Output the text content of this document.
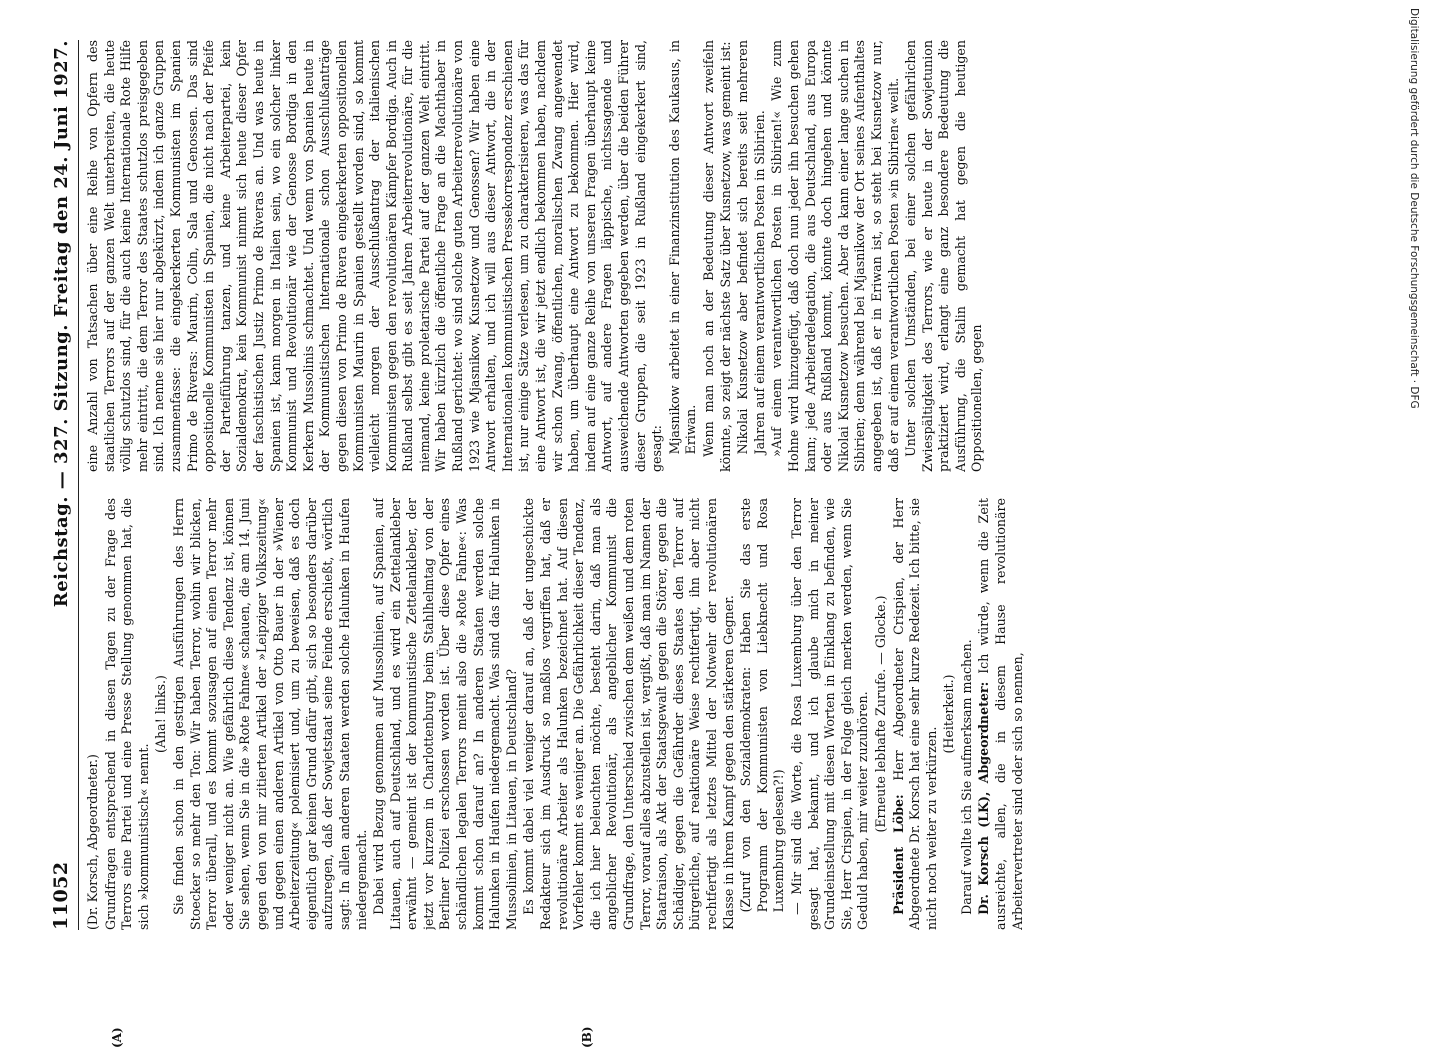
Digitalisierung gefördert durch die Deutsche Forschungsgemeinschaft · DFG
11052
Reichstag. — 327. Sitzung. Freitag den 24. Juni 1927.
(A)	(B)

(Dr. Korsch, Abgeordneter.) Grundfragen entsprechend in diesen Tagen zu der Frage des Terrors eine Partei und eine Presse Stellung genommen hat, die sich »kommunistisch« nennt.

(Aha! links.) Sie finden schon in den gestrigen Ausführungen des Herrn Stoecker so mehr den Ton: Wir haben Terror, wohin wir blicken, Terror überall, und es kommt sozusagen auf einen Terror mehr oder weniger nicht an. Wie gefährlich diese Tendenz ist, können Sie sehen, wenn Sie in die »Rote Fahne« schauen, die am 14. Juni gegen den von mir zitierten Artikel der »Leipziger Volkszeitung« und gegen einen anderen Artikel von Otto Bauer in der »Wiener Arbeiterzeitung« polemisiert und, um zu beweisen, daß es doch eigentlich gar keinen Grund dafür gibt, sich so besonders darüber aufzuregen, daß der Sowjetstaat seine Feinde erschießt, wörtlich sagt: In allen anderen Staaten werden solche Halunken in Haufen niedergemacht. Dabei wird Bezug genommen auf Mussolinien, auf Spanien, auf Litauen, auch auf Deutschland, und es wird ein Zettelankleber erwähnt — gemeint ist der kommunistische Zettelankleber, der jetzt vor kurzem in Charlottenburg beim Stahlhelmtag von der Berliner Polizei erschossen worden ist. Über diese Opfer eines schändlichen legalen Terrors meint also die »Rote Fahne«: Was kommt schon darauf an? In anderen Staaten werden solche Halunken in Haufen niedergemacht. Was sind das für Halunken in Mussolinien, in Litauen, in Deutschland? Es kommt dabei viel weniger darauf an, daß der ungeschickte Redakteur sich im Ausdruck so maßlos vergriffen hat, daß er revolutionäre Arbeiter als Halunken bezeichnet hat. Auf diesen Vorfehler kommt es weniger an. Die Gefährlichkeit dieser Tendenz, die ich hier beleuchten möchte, besteht darin, daß man als angeblicher Revolutionär, als angeblicher Kommunist die Grundfrage, den Unterschied zwischen dem weißen und dem roten Terror, vorauf alles abzustellen ist, vergißt, daß man im Namen der Staatraison, als Akt der Staatsgewalt gegen die Störer, gegen die Schädiger, gegen die Gefährder dieses Staates den Terror auf bürgerliche, auf reaktionäre Weise rechtfertigt, ihn aber nicht rechtfertigt als letztes Mittel der Notwehr der revolutionären Klasse in ihrem Kampf gegen den stärkeren Gegner. (Zuruf von den Sozialdemokraten: Haben Sie das erste Programm der Kommunisten von Liebknecht und Rosa Luxemburg gelesen?!) — Mir sind die Worte, die Rosa Luxemburg über den Terror gesagt hat, bekannt, und ich glaube mich in meiner Grundeinstellung mit diesen Worten in Einklang zu befinden, wie Sie, Herr Crispien, in der Folge gleich merken werden, wenn Sie Geduld haben, mir weiter zuzuhören. (Erneute lebhafte Zurufe. — Glocke.)

Präsident Löbe: Herr Abgeordneter Crispien, der Herr Abgeordnete Dr. Korsch hat eine sehr kurze Redezeit. Ich bitte, sie nicht noch weiter zu verkürzen.

(Heiterkeit.) Darauf wollte ich Sie aufmerksam machen. Dr. Korsch (LK), Abgeordneter: Ich würde, wenn die Zeit ausreichte, allen, die in diesem Hause revolutionäre Arbeitervertreter sind oder sich so nennen,

eine Anzahl von Tatsachen über eine Reihe von Opfern des staatlichen Terrors auf der ganzen Welt unterbreiten, die heute völlig schutzlos sind, für die auch keine Internationale Rote Hilfe mehr eintritt, die dem Terror des Staates schutzlos preisgegeben sind. Ich nenne sie hier nur abgekürzt, indem ich ganze Gruppen zusammenfasse: die eingekerkerten Kommunisten im Spanien Primo de Riveras: Maurin, Colin, Sala und Genossen. Das sind oppositionelle Kommunisten in Spanien, die nicht nach der Pfeife der Parteiführung tanzen, und keine Arbeiterpartei, kein Sozialdemokrat, kein Kommunist nimmt sich heute dieser Opfer der faschistischen Justiz Primo de Riveras an. Und was heute in Spanien ist, kann morgen in Italien sein, wo ein solcher linker Kommunist und Revolutionär wie der Genosse Bordiga in den Kerkern Mussolinis schmachtet. Und wenn von Spanien heute in der Kommunistischen Internationale schon Ausschlußanträge gegen diesen von Primo de Rivera eingekerkerten oppositionellen Kommunisten Maurin in Spanien gestellt worden sind, so kommt vielleicht morgen der Ausschlußantrag der italienischen Kommunisten gegen den revolutionären Kämpfer Bordiga. Auch in Rußland selbst gibt es seit Jahren Arbeiterrevolutionäre, für die niemand, keine proletarische Partei auf der ganzen Welt eintritt. Wir haben kürzlich die öffentliche Frage an die Machthaber in Rußland gerichtet: wo sind solche guten Arbeiterrevolutionäre von 1923 wie Mjasnikow, Kusnetzow und Genossen? Wir haben eine Antwort erhalten, und ich will aus dieser Antwort, die in der Internationalen kommunistischen Pressekorrespondenz erschienen ist, nur einige Sätze verlesen, um zu charakterisieren, was das für eine Antwort ist, die wir jetzt endlich bekommen haben, nachdem wir schon Zwang, öffentlichen, moralischen Zwang angewendet haben, um überhaupt eine Antwort zu bekommen. Hier wird, indem auf eine ganze Reihe von unseren Fragen überhaupt keine Antwort, auf andere Fragen läppische, nichtssagende und ausweichende Antworten gegeben werden, über die beiden Führer dieser Gruppen, die seit 1923 in Rußland eingekerkert sind, gesagt: Mjasnikow arbeitet in einer Finanzinstitution des Kaukasus, in Eriwan. Wenn man noch an der Bedeutung dieser Antwort zweifeln könnte, so zeigt der nächste Satz über Kusnetzow, was gemeint ist: Nikolai Kusnetzow aber befindet sich bereits seit mehreren Jahren auf einem verantwortlichen Posten in Sibirien. »Auf einem verantwortlichen Posten in Sibirien!« Wie zum Hohne wird hinzugefügt, daß doch nun jeder ihn besuchen gehen kann; jede Arbeiterdelegation, die aus Deutschland, aus Europa oder aus Rußland kommt, könnte doch hingehen und könnte Nikolai Kusnetzow besuchen. Aber da kann einer lange suchen in Sibirien; denn während bei Mjasnikow der Ort seines Aufenthaltes angegeben ist, daß er in Eriwan ist, so steht bei Kusnetzow nur, daß er auf einem verantwortlichen Posten »in Sibirien« weilt. Unter solchen Umständen, bei einer solchen gefährlichen Zwiespältigkeit des Terrors, wie er heute in der Sowjetunion praktiziert wird, erlangt eine ganz besondere Bedeutung die Ausführung, die Stalin gemacht hat gegen die heutigen Oppositionellen, gegen
